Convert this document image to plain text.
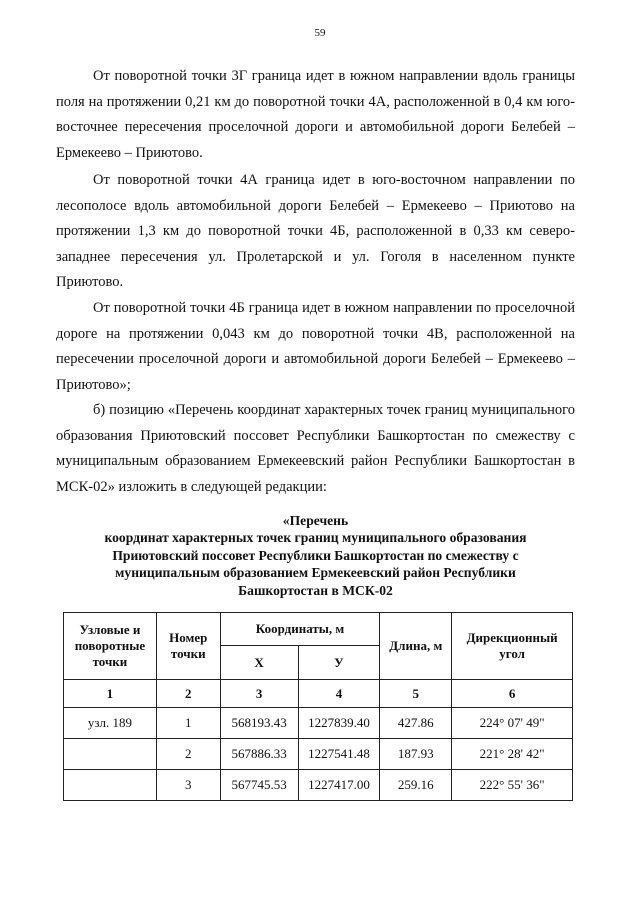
59

От поворотной точки 3Г граница идет в южном направлении вдоль границы поля на протяжении 0,21 км до поворотной точки 4А, расположенной в 0,4 км юго-восточнее пересечения проселочной дороги и автомобильной дороги Белебей – Ермекеево – Приютово.

От поворотной точки 4А граница идет в юго-восточном направлении по лесополосе вдоль автомобильной дороги Белебей – Ермекеево – Приютово на протяжении 1,3 км до поворотной точки 4Б, расположенной в 0,33 км северо-западнее пересечения ул. Пролетарской и ул. Гоголя в населенном пункте Приютово.

От поворотной точки 4Б граница идет в южном направлении по проселочной дороге на протяжении 0,043 км до поворотной точки 4В, расположенной на пересечении проселочной дороги и автомобильной дороги Белебей – Ермекеево – Приютово»;

б) позицию «Перечень координат характерных точек границ муниципального образования Приютовский поссовет Республики Башкортостан по смежеству с муниципальным образованием Ермекеевский район Республики Башкортостан в МСК-02» изложить в следующей редакции:

«Перечень
координат характерных точек границ муниципального образования
Приютовский поссовет Республики Башкортостан по смежеству с
муниципальным образованием Ермекеевский район Республики
Башкортостан в МСК-02
Узловые и поворотные точки	Номер точки	Координаты, м		Длина, м	Дирекционный угол
		X	У		
1	2	3	4	5	6
узл. 189	1	568193.43	1227839.40	427.86	224° 07' 49"
	2	567886.33	1227541.48	187.93	221° 28' 42"
	3	567745.53	1227417.00	259.16	222° 55' 36"
